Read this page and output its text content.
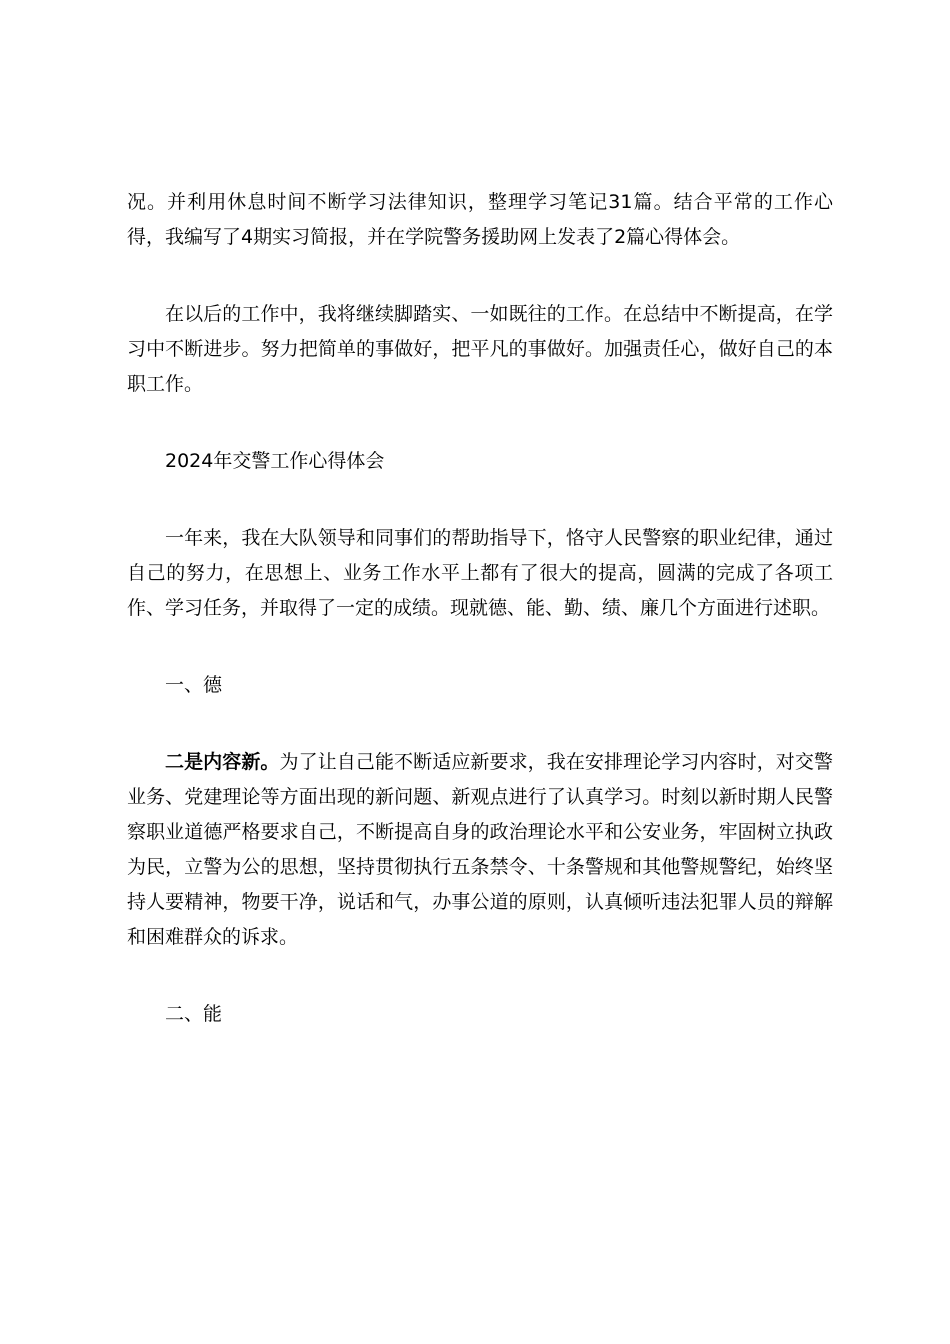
况。并利用休息时间不断学习法律知识，整理学习笔记31篇。结合平常的工作心得，我编写了4期实习简报，并在学院警务援助网上发表了2篇心得体会。

在以后的工作中，我将继续脚踏实、一如既往的工作。在总结中不断提高，在学习中不断进步。努力把简单的事做好，把平凡的事做好。加强责任心，做好自己的本职工作。

2024年交警工作心得体会

一年来，我在大队领导和同事们的帮助指导下，恪守人民警察的职业纪律，通过自己的努力，在思想上、业务工作水平上都有了很大的提高，圆满的完成了各项工作、学习任务，并取得了一定的成绩。现就德、能、勤、绩、廉几个方面进行述职。

一、德

二是内容新。为了让自己能不断适应新要求，我在安排理论学习内容时，对交警业务、党建理论等方面出现的新问题、新观点进行了认真学习。时刻以新时期人民警察职业道德严格要求自己，不断提高自身的政治理论水平和公安业务，牢固树立执政为民，立警为公的思想，坚持贯彻执行五条禁令、十条警规和其他警规警纪，始终坚持人要精神，物要干净，说话和气，办事公道的原则，认真倾听违法犯罪人员的辩解和困难群众的诉求。

二、能
